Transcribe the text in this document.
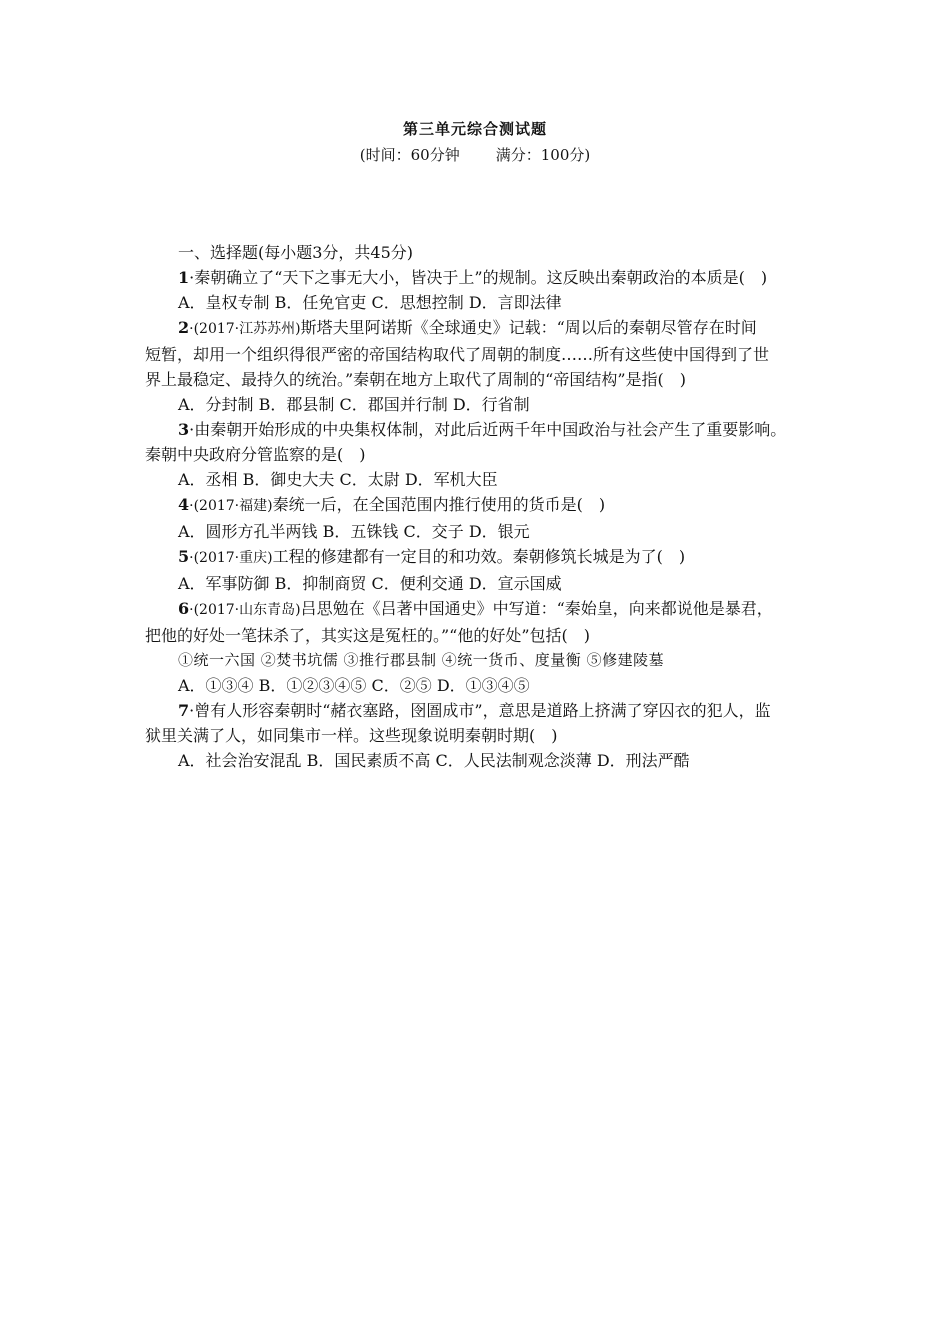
第三单元综合测试题
(时间：60分钟 满分：100分)
一、选择题(每小题3分，共45分)
1·秦朝确立了“天下之事无大小，皆决于上”的规制。这反映出秦朝政治的本质是(　)
A．皇权专制 B．任免官吏 C．思想控制 D．言即法律
2·(2017·江苏苏州)斯塔夫里阿诺斯《全球通史》记载：“周以后的秦朝尽管存在时间
短暂，却用一个组织得很严密的帝国结构取代了周朝的制度……所有这些使中国得到了世
界上最稳定、最持久的统治。”秦朝在地方上取代了周制的“帝国结构”是指(　)
A．分封制 B．郡县制 C．郡国并行制 D．行省制
3·由秦朝开始形成的中央集权体制，对此后近两千年中国政治与社会产生了重要影响。
秦朝中央政府分管监察的是(　)
A．丞相 B．御史大夫 C．太尉 D．军机大臣
4·(2017·福建)秦统一后，在全国范围内推行使用的货币是(　)
A．圆形方孔半两钱 B．五铢钱 C．交子 D．银元
5·(2017·重庆)工程的修建都有一定目的和功效。秦朝修筑长城是为了(　)
A．军事防御 B．抑制商贸 C．便利交通 D．宣示国威
6·(2017·山东青岛)吕思勉在《吕著中国通史》中写道：“秦始皇，向来都说他是暴君，
把他的好处一笔抹杀了，其实这是冤枉的。”“他的好处”包括(　)
①统一六国 ②焚书坑儒 ③推行郡县制 ④统一货币、度量衡 ⑤修建陵墓
A．①③④ B．①②③④⑤ C．②⑤ D．①③④⑤
7·曾有人形容秦朝时“赭衣塞路，囹圄成市”，意思是道路上挤满了穿囚衣的犯人，监
狱里关满了人，如同集市一样。这些现象说明秦朝时期(　)
A．社会治安混乱 B．国民素质不高 C．人民法制观念淡薄 D．刑法严酷
